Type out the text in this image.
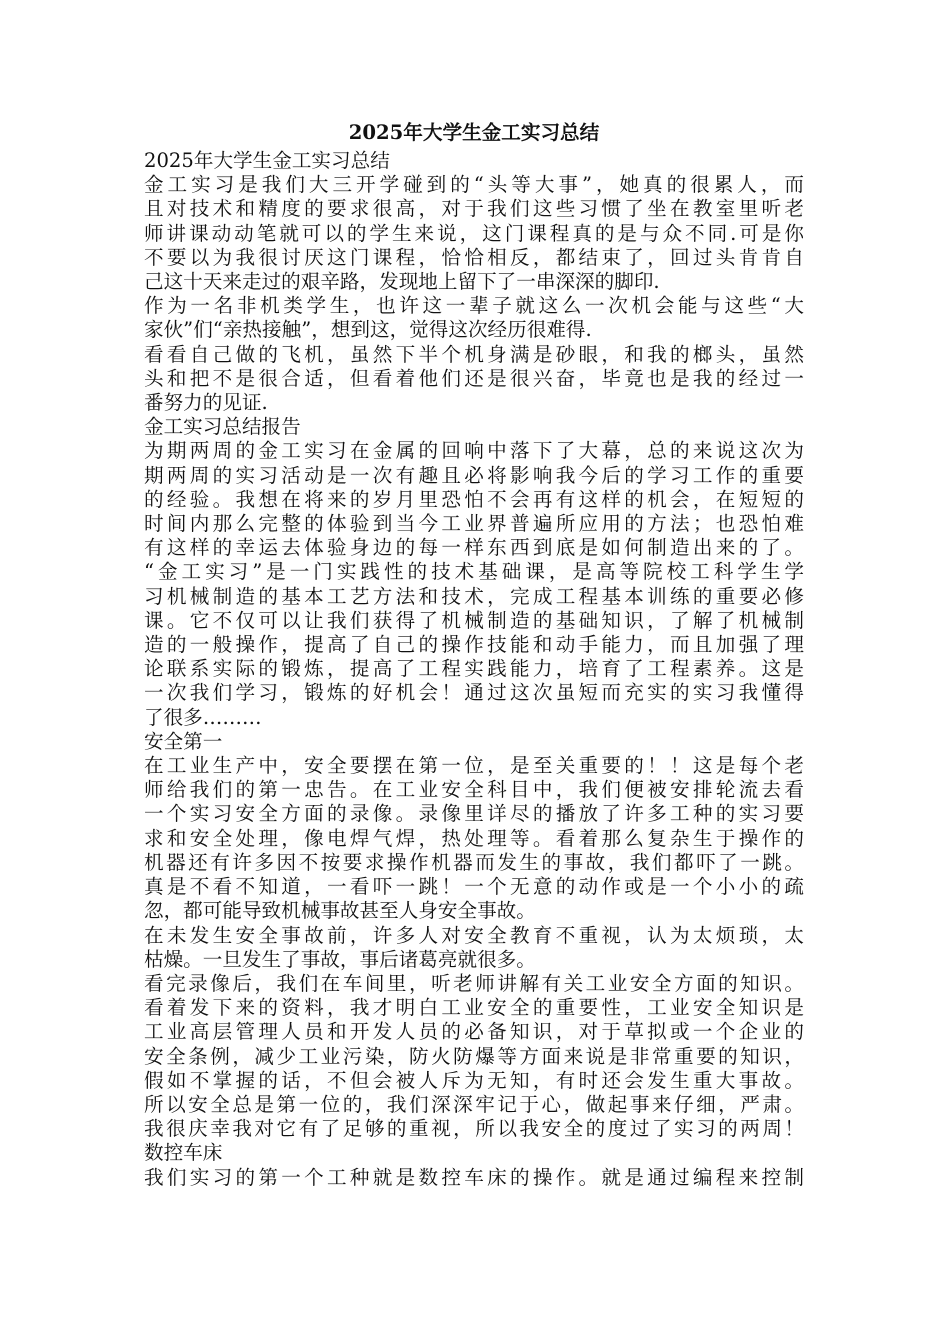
2025年大学生金工实习总结
2025年大学生金工实习总结
金工实习是我们大三开学碰到的“头等大事”，她真的很累人，而
且对技术和精度的要求很高，对于我们这些习惯了坐在教室里听老
师讲课动动笔就可以的学生来说，这门课程真的是与众不同.可是你
不要以为我很讨厌这门课程，恰恰相反，都结束了，回过头肯肯自
己这十天来走过的艰辛路，发现地上留下了一串深深的脚印.
作为一名非机类学生，也许这一辈子就这么一次机会能与这些“大
家伙”们“亲热接触”，想到这，觉得这次经历很难得.
看看自己做的飞机，虽然下半个机身满是砂眼，和我的榔头，虽然
头和把不是很合适，但看着他们还是很兴奋，毕竟也是我的经过一
番努力的见证.
金工实习总结报告
为期两周的金工实习在金属的回响中落下了大幕，总的来说这次为
期两周的实习活动是一次有趣且必将影响我今后的学习工作的重要
的经验。我想在将来的岁月里恐怕不会再有这样的机会，在短短的
时间内那么完整的体验到当今工业界普遍所应用的方法；也恐怕难
有这样的幸运去体验身边的每一样东西到底是如何制造出来的了。
“金工实习”是一门实践性的技术基础课，是高等院校工科学生学
习机械制造的基本工艺方法和技术，完成工程基本训练的重要必修
课。它不仅可以让我们获得了机械制造的基础知识，了解了机械制
造的一般操作，提高了自己的操作技能和动手能力，而且加强了理
论联系实际的锻炼，提高了工程实践能力，培育了工程素养。这是
一次我们学习，锻炼的好机会！通过这次虽短而充实的实习我懂得
了很多………
安全第一
在工业生产中，安全要摆在第一位，是至关重要的！！这是每个老
师给我们的第一忠告。在工业安全科目中，我们便被安排轮流去看
一个实习安全方面的录像。录像里详尽的播放了许多工种的实习要
求和安全处理，像电焊气焊，热处理等。看着那么复杂生于操作的
机器还有许多因不按要求操作机器而发生的事故，我们都吓了一跳。
真是不看不知道，一看吓一跳！一个无意的动作或是一个小小的疏
忽，都可能导致机械事故甚至人身安全事故。
在未发生安全事故前，许多人对安全教育不重视，认为太烦琐，太
枯燥。一旦发生了事故，事后诸葛亮就很多。
看完录像后，我们在车间里，听老师讲解有关工业安全方面的知识。
看着发下来的资料，我才明白工业安全的重要性，工业安全知识是
工业高层管理人员和开发人员的必备知识，对于草拟或一个企业的
安全条例，减少工业污染，防火防爆等方面来说是非常重要的知识，
假如不掌握的话，不但会被人斥为无知，有时还会发生重大事故。
所以安全总是第一位的，我们深深牢记于心，做起事来仔细，严肃。
我很庆幸我对它有了足够的重视，所以我安全的度过了实习的两周！
数控车床
我们实习的第一个工种就是数控车床的操作。就是通过编程来控制
